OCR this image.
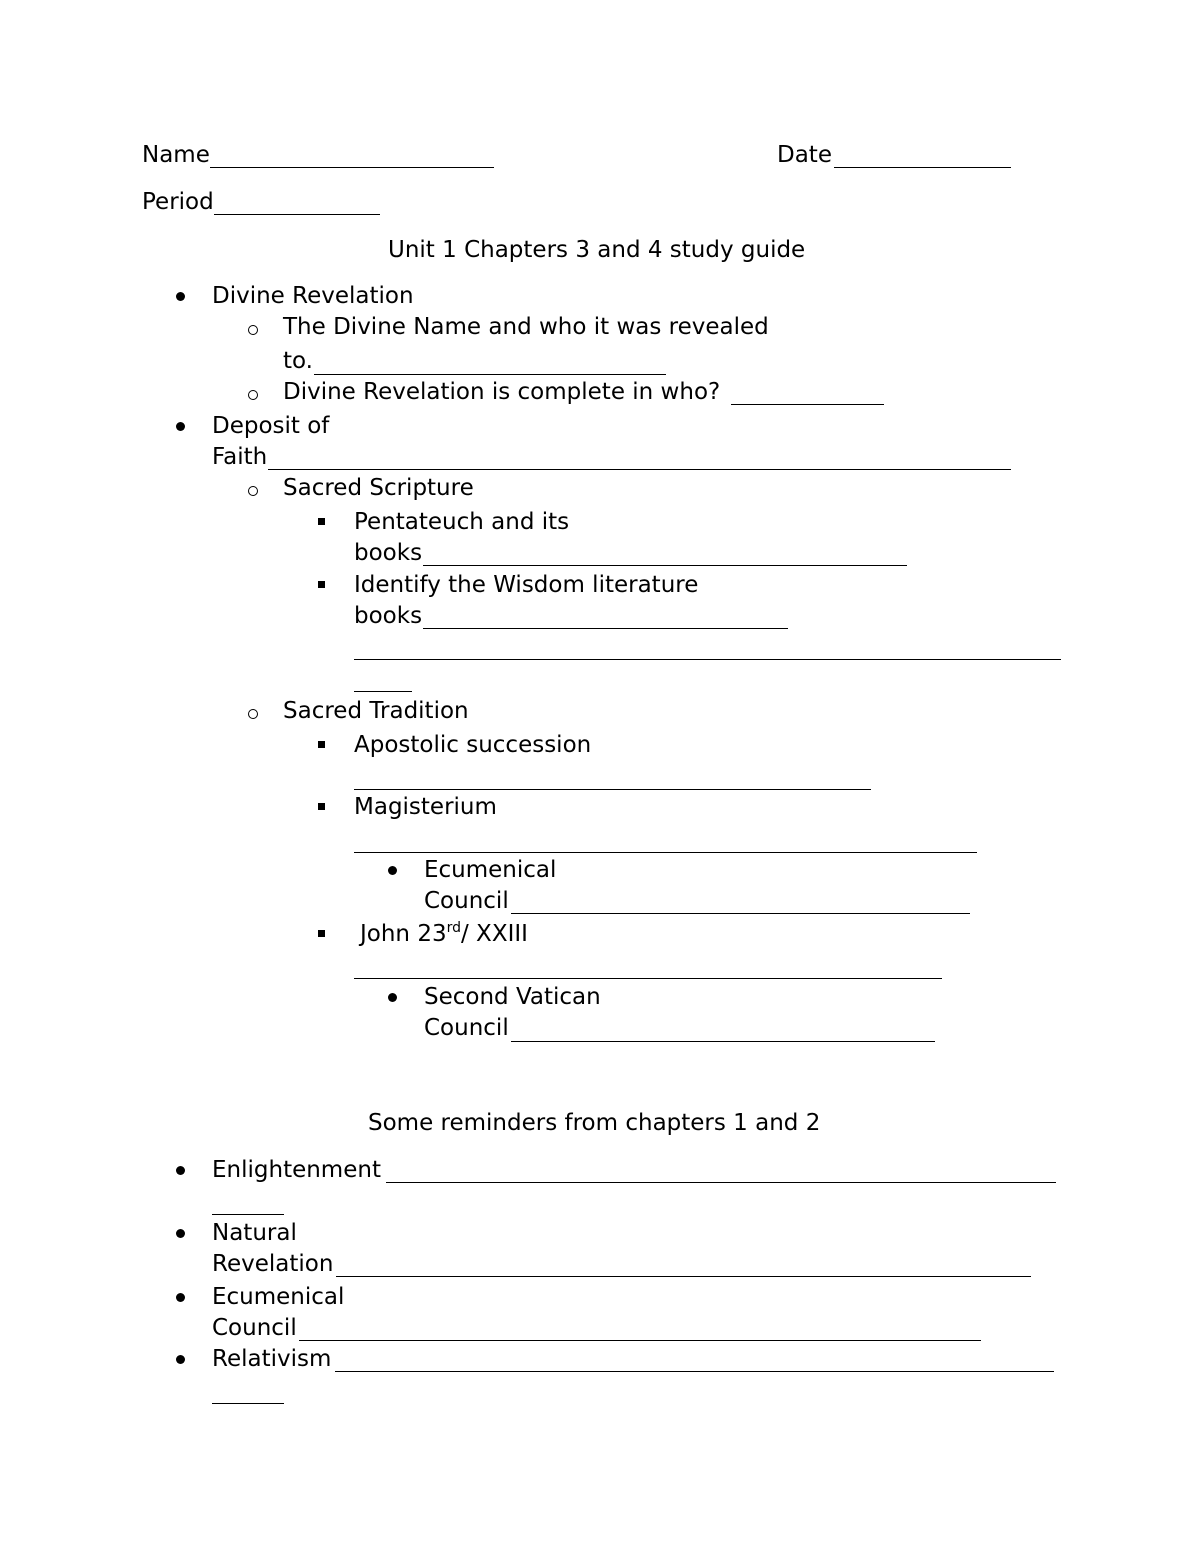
Name	Date
Period
Unit 1 Chapters 3 and 4 study guide
Divine Revelation
The Divine Name and who it was revealed
to.
Divine Revelation is complete in who?
Deposit of
Faith
Sacred Scripture
Pentateuch and its
books
Identify the Wisdom literature
books
Sacred Tradition
Apostolic succession
Magisterium
Ecumenical
Council
John 23rd/ XXIII
Second Vatican
Council
Some reminders from chapters 1 and 2
Enlightenment
Natural
Revelation
Ecumenical
Council
Relativism
